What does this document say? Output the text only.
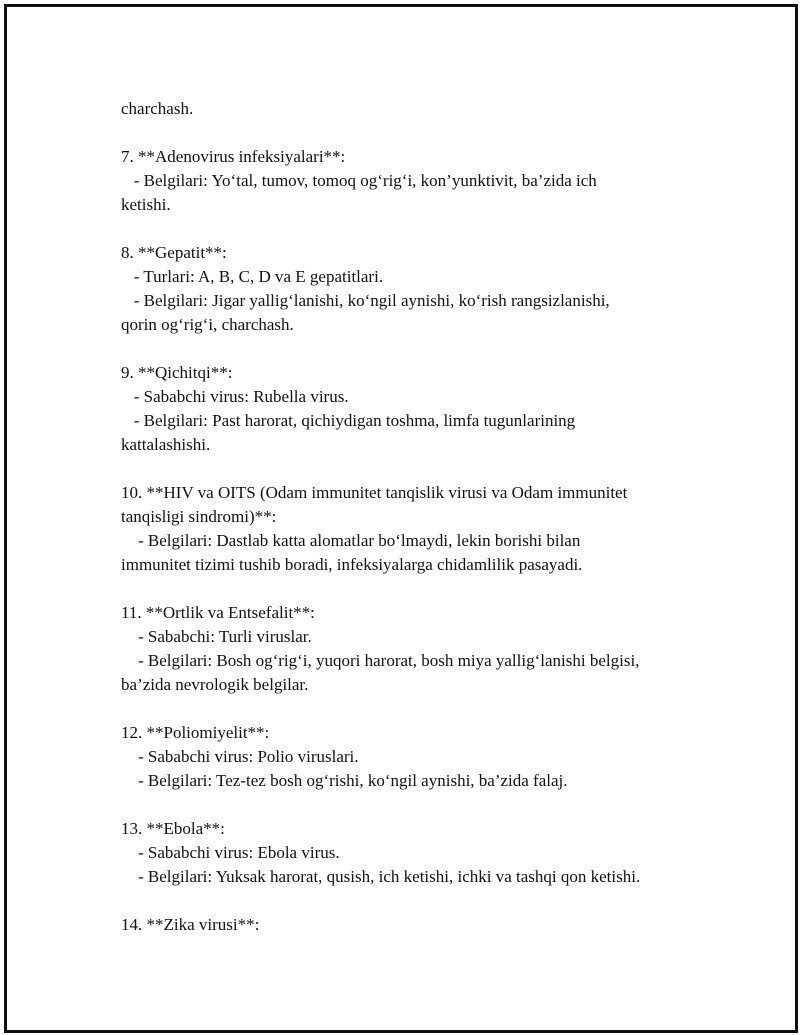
charchash.
7. **Adenovirus infeksiyalari**:
- Belgilari: Yo‘tal, tumov, tomoq og‘rig‘i, kon’yunktivit, ba’zida ich
ketishi.
8. **Gepatit**:
- Turlari: A, B, C, D va E gepatitlari.
- Belgilari: Jigar yallig‘lanishi, ko‘ngil aynishi, ko‘rish rangsizlanishi,
qorin og‘rig‘i, charchash.
9. **Qichitqi**:
- Sababchi virus: Rubella virus.
- Belgilari: Past harorat, qichiydigan toshma, limfa tugunlarining
kattalashishi.
10. **HIV va OITS (Odam immunitet tanqislik virusi va Odam immunitet
tanqisligi sindromi)**:
- Belgilari: Dastlab katta alomatlar bo‘lmaydi, lekin borishi bilan
immunitet tizimi tushib boradi, infeksiyalarga chidamlilik pasayadi.
11. **Ortlik va Entsefalit**:
- Sababchi: Turli viruslar.
- Belgilari: Bosh og‘rig‘i, yuqori harorat, bosh miya yallig‘lanishi belgisi,
ba’zida nevrologik belgilar.
12. **Poliomiyelit**:
- Sababchi virus: Polio viruslari.
- Belgilari: Tez-tez bosh og‘rishi, ko‘ngil aynishi, ba’zida falaj.
13. **Ebola**:
- Sababchi virus: Ebola virus.
- Belgilari: Yuksak harorat, qusish, ich ketishi, ichki va tashqi qon ketishi.
14. **Zika virusi**:
